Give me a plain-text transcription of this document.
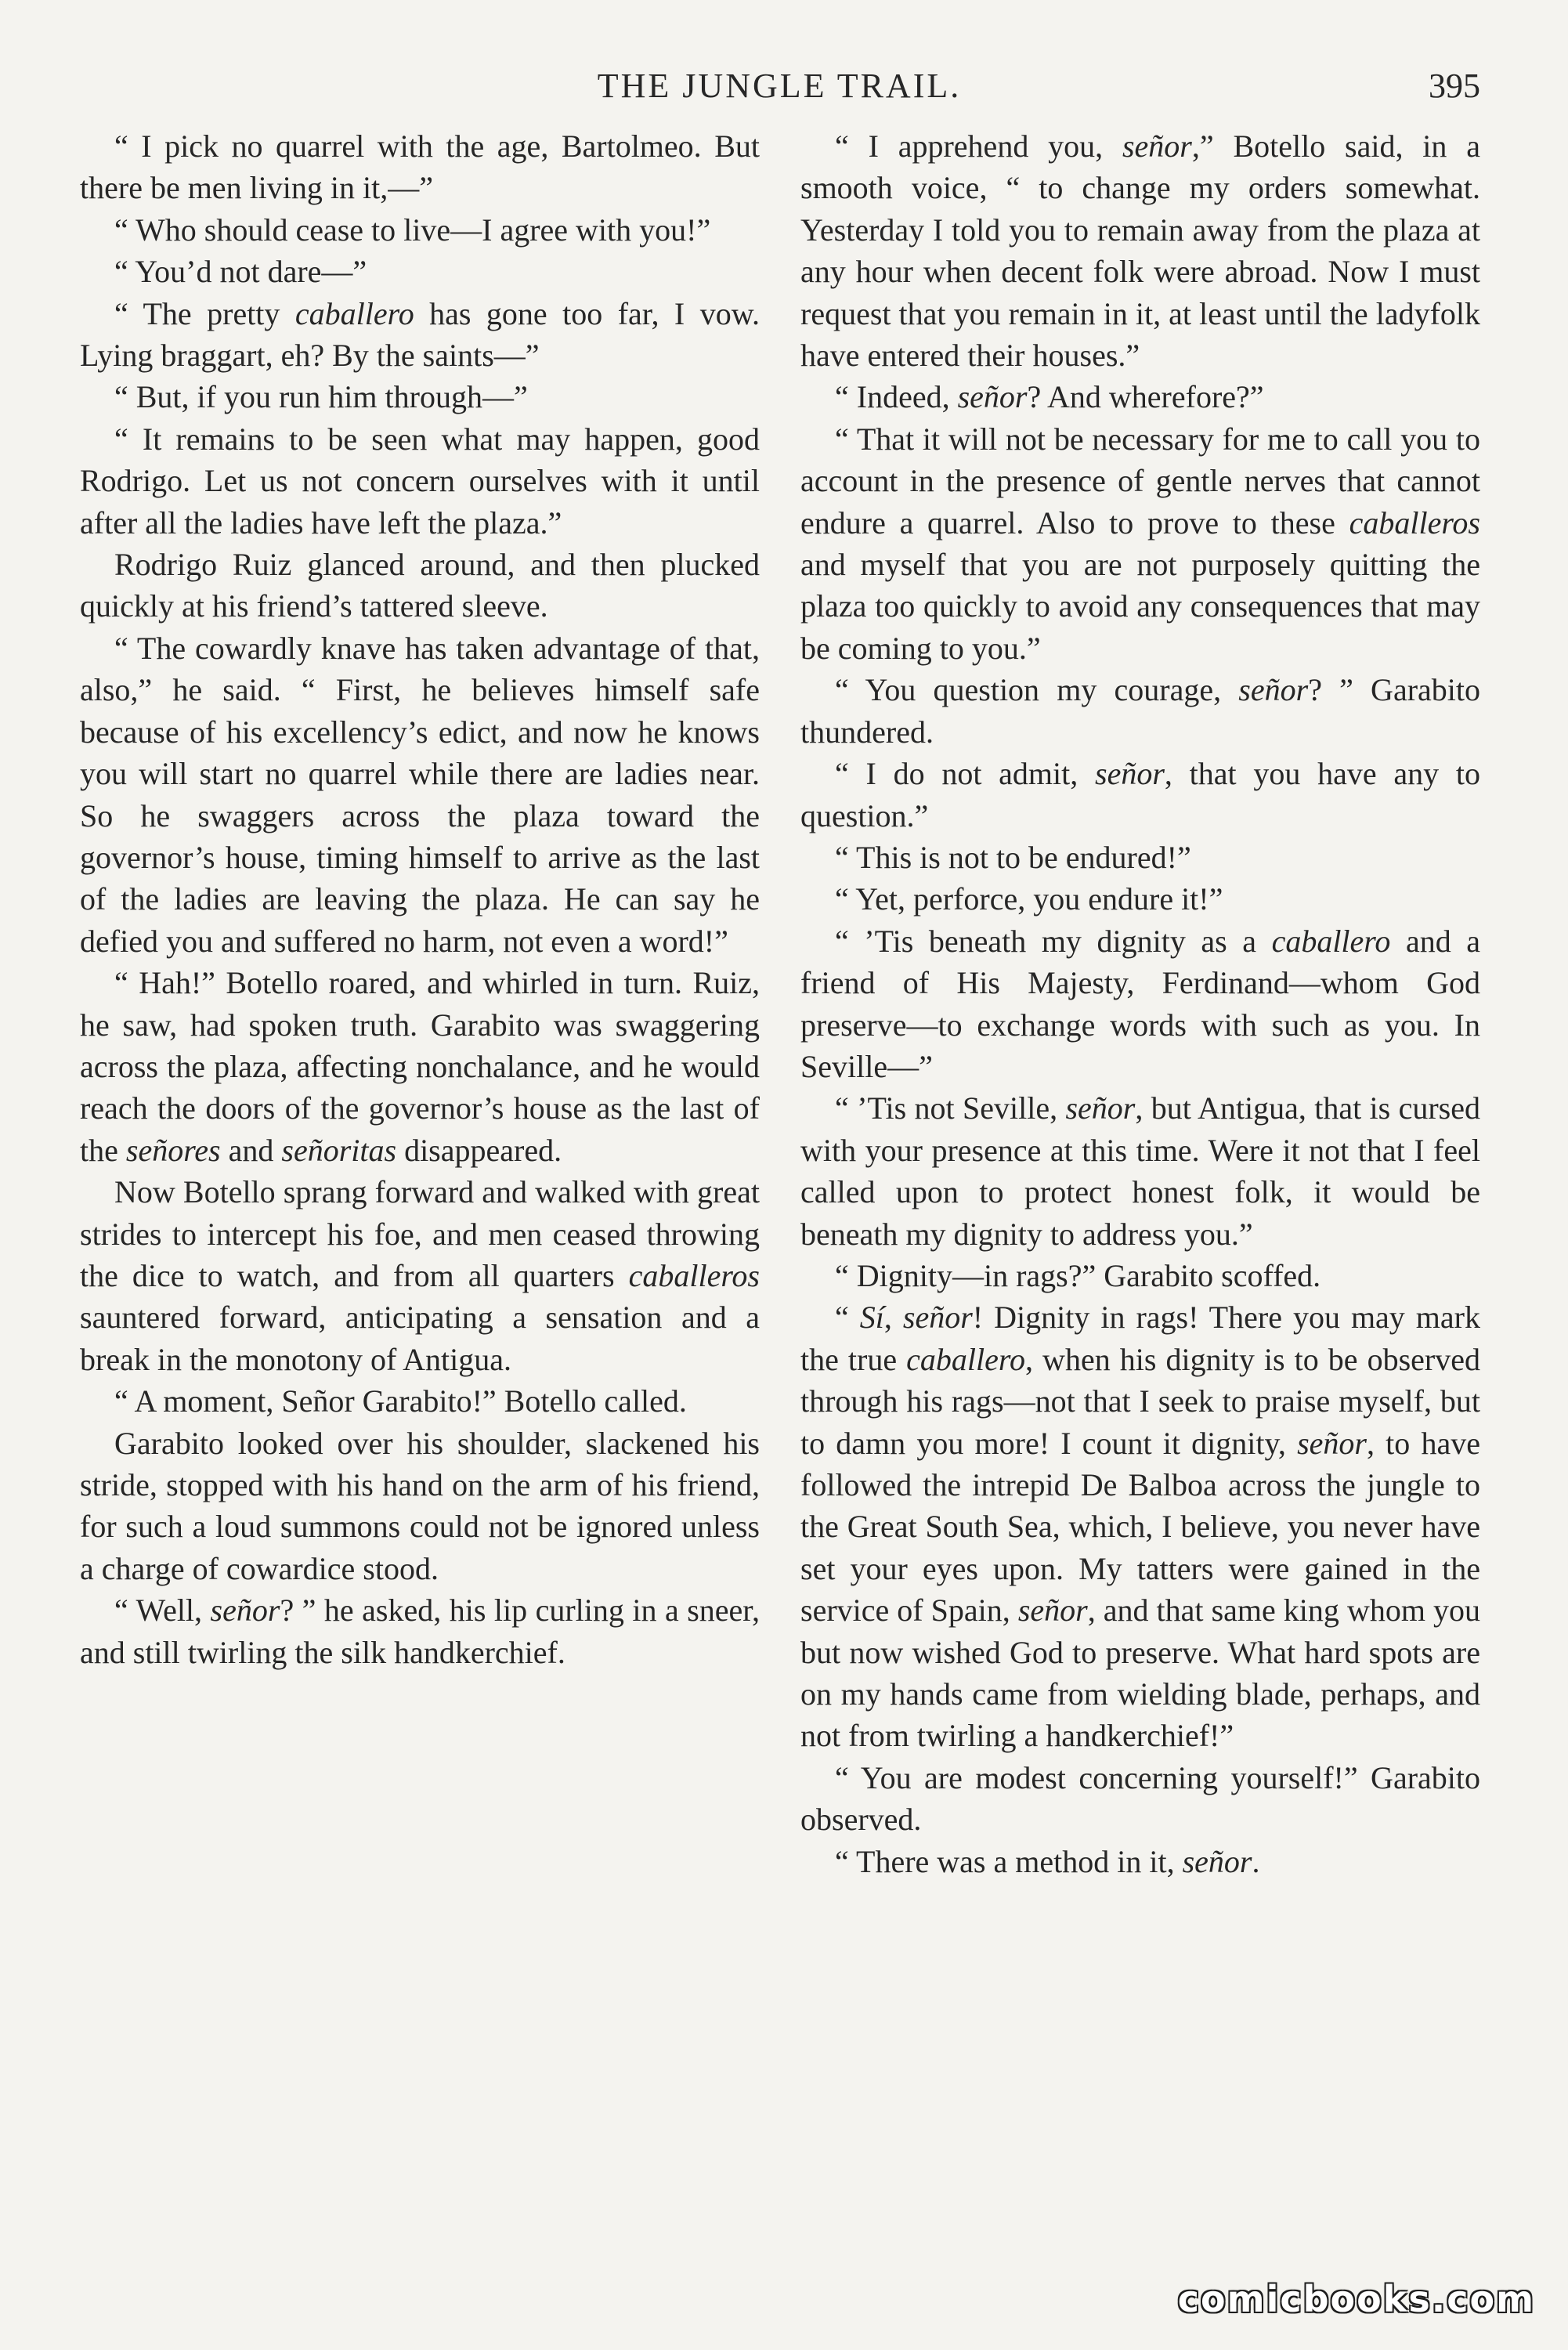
THE JUNGLE TRAIL.	395

“ I pick no quarrel with the age, Bartolmeo. But there be men living in it,—”

“ Who should cease to live—I agree with you!”

“ You’d not dare—”

“ The pretty caballero has gone too far, I vow. Lying braggart, eh? By the saints—”

“ But, if you run him through—”

“ It remains to be seen what may happen, good Rodrigo. Let us not concern ourselves with it until after all the ladies have left the plaza.”

Rodrigo Ruiz glanced around, and then plucked quickly at his friend’s tattered sleeve.

“ The cowardly knave has taken advantage of that, also,” he said. “ First, he believes himself safe because of his excellency’s edict, and now he knows you will start no quarrel while there are ladies near. So he swaggers across the plaza toward the governor’s house, timing himself to arrive as the last of the ladies are leaving the plaza. He can say he defied you and suffered no harm, not even a word!”

“ Hah!” Botello roared, and whirled in turn. Ruiz, he saw, had spoken truth. Garabito was swaggering across the plaza, affecting nonchalance, and he would reach the doors of the governor’s house as the last of the señores and señoritas disappeared.

Now Botello sprang forward and walked with great strides to intercept his foe, and men ceased throwing the dice to watch, and from all quarters caballeros sauntered forward, anticipating a sensation and a break in the monotony of Antigua.

“ A moment, Señor Garabito!” Botello called.

Garabito looked over his shoulder, slackened his stride, stopped with his hand on the arm of his friend, for such a loud summons could not be ignored unless a charge of cowardice stood.

“ Well, señor? ” he asked, his lip curling in a sneer, and still twirling the silk handkerchief.

“ I apprehend you, señor,” Botello said, in a smooth voice, “ to change my orders somewhat. Yesterday I told you to remain away from the plaza at any hour when decent folk were abroad. Now I must request that you remain in it, at least until the ladyfolk have entered their houses.”

“ Indeed, señor? And wherefore?”

“ That it will not be necessary for me to call you to account in the presence of gentle nerves that cannot endure a quarrel. Also to prove to these caballeros and myself that you are not purposely quitting the plaza too quickly to avoid any consequences that may be coming to you.”

“ You question my courage, señor? ” Garabito thundered.

“ I do not admit, señor, that you have any to question.”

“ This is not to be endured!”

“ Yet, perforce, you endure it!”

“ ’Tis beneath my dignity as a caballero and a friend of His Majesty, Ferdinand—whom God preserve—to exchange words with such as you. In Seville—”

“ ’Tis not Seville, señor, but Antigua, that is cursed with your presence at this time. Were it not that I feel called upon to protect honest folk, it would be beneath my dignity to address you.”

“ Dignity—in rags?” Garabito scoffed.

“ Sí, señor! Dignity in rags! There you may mark the true caballero, when his dignity is to be observed through his rags—not that I seek to praise myself, but to damn you more! I count it dignity, señor, to have followed the intrepid De Balboa across the jungle to the Great South Sea, which, I believe, you never have set your eyes upon. My tatters were gained in the service of Spain, señor, and that same king whom you but now wished God to preserve. What hard spots are on my hands came from wielding blade, perhaps, and not from twirling a handkerchief!”

“ You are modest concerning yourself!” Garabito observed.

“ There was a method in it, señor.

comicbooks.com
